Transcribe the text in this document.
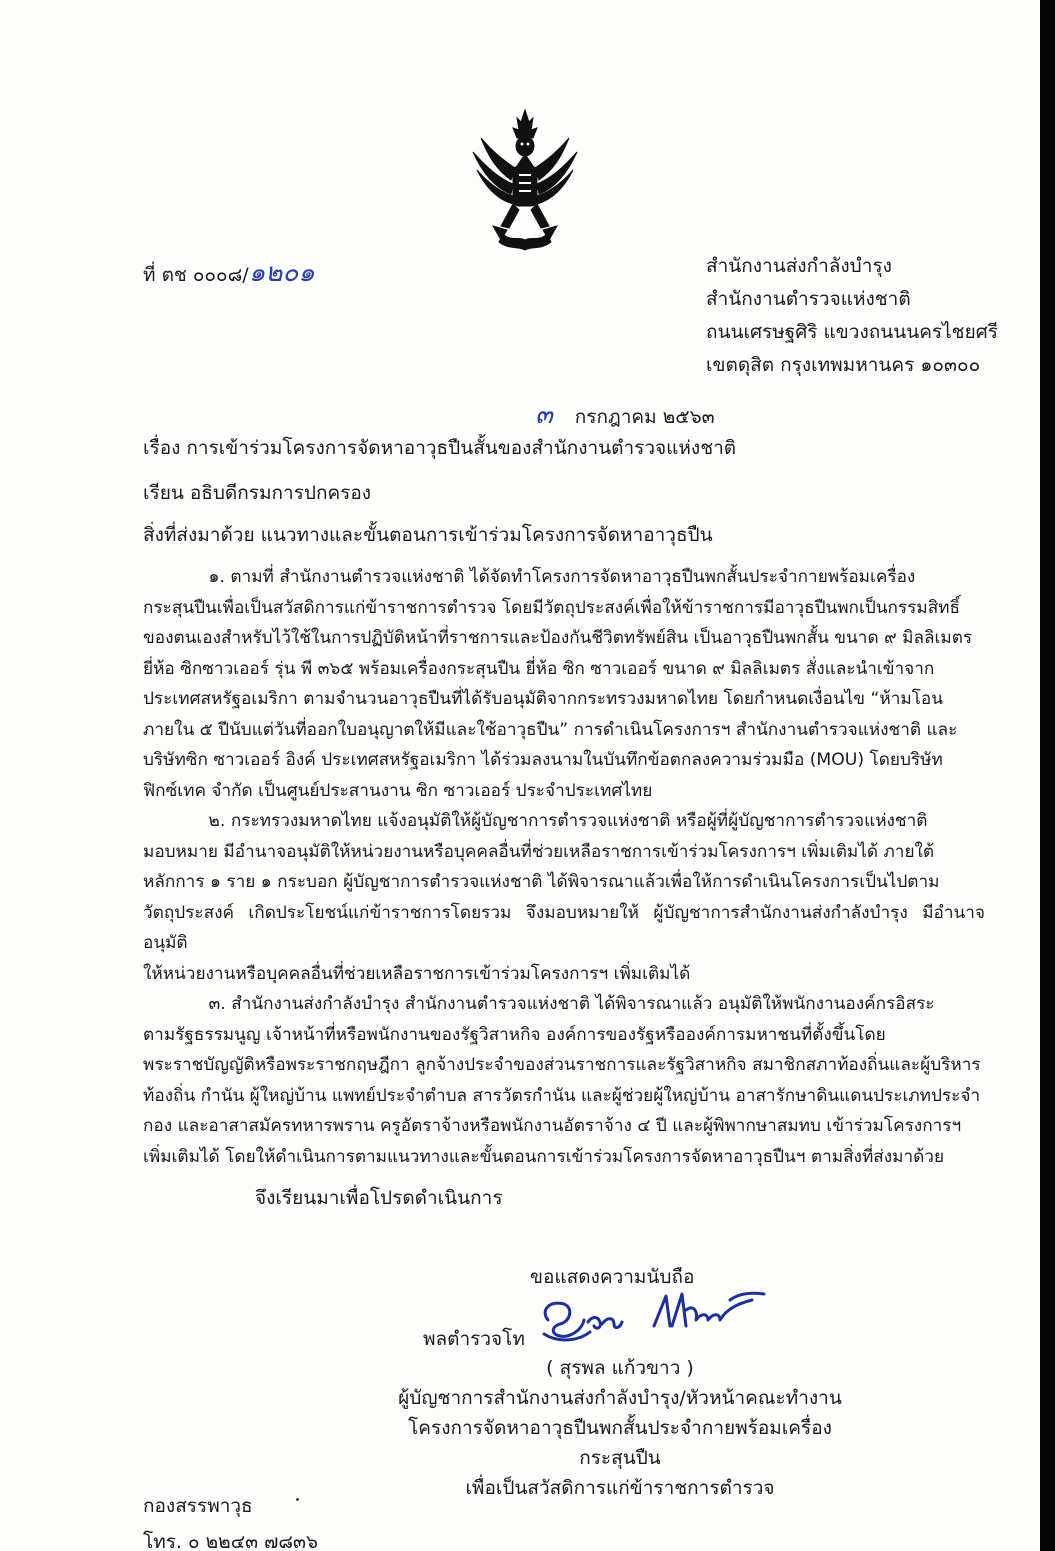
ที่ ตช ๐๐๐๘/๑๒๐๑	สำนักงานส่งกำลังบำรุง
สำนักงานตำรวจแห่งชาติ
ถนนเศรษฐศิริ แขวงถนนนครไชยศรี
เขตดุสิต กรุงเทพมหานคร ๑๐๓๐๐
๓ กรกฎาคม ๒๕๖๓
เรื่อง การเข้าร่วมโครงการจัดหาอาวุธปืนสั้นของสำนักงานตำรวจแห่งชาติ
เรียน อธิบดีกรมการปกครอง
สิ่งที่ส่งมาด้วย แนวทางและขั้นตอนการเข้าร่วมโครงการจัดหาอาวุธปืน

๑. ตามที่ สำนักงานตำรวจแห่งชาติ ได้จัดทำโครงการจัดหาอาวุธปืนพกสั้นประจำกายพร้อมเครื่อง
กระสุนปืนเพื่อเป็นสวัสดิการแก่ข้าราชการตำรวจ โดยมีวัตถุประสงค์เพื่อให้ข้าราชการมีอาวุธปืนพกเป็นกรรมสิทธิ์
ของตนเองสำหรับไว้ใช้ในการปฏิบัติหน้าที่ราชการและป้องกันชีวิตทรัพย์สิน เป็นอาวุธปืนพกสั้น ขนาด ๙ มิลลิเมตร
ยี่ห้อ ซิกซาวเออร์ รุ่น พี ๓๖๕ พร้อมเครื่องกระสุนปืน ยี่ห้อ ซิก ซาวเออร์ ขนาด ๙ มิลลิเมตร สั่งและนำเข้าจาก
ประเทศสหรัฐอเมริกา ตามจำนวนอาวุธปืนที่ได้รับอนุมัติจากกระทรวงมหาดไทย โดยกำหนดเงื่อนไข “ห้ามโอน
ภายใน ๕ ปีนับแต่วันที่ออกใบอนุญาตให้มีและใช้อาวุธปืน” การดำเนินโครงการฯ สำนักงานตำรวจแห่งชาติ และ
บริษัทซิก ซาวเออร์ อิงค์ ประเทศสหรัฐอเมริกา ได้ร่วมลงนามในบันทึกข้อตกลงความร่วมมือ (MOU) โดยบริษัท
ฟิกซ์เทค จำกัด เป็นศูนย์ประสานงาน ซิก ซาวเออร์ ประจำประเทศไทย

๒. กระทรวงมหาดไทย แจ้งอนุมัติให้ผู้บัญชาการตำรวจแห่งชาติ หรือผู้ที่ผู้บัญชาการตำรวจแห่งชาติ
มอบหมาย มีอำนาจอนุมัติให้หน่วยงานหรือบุคคลอื่นที่ช่วยเหลือราชการเข้าร่วมโครงการฯ เพิ่มเติมได้ ภายใต้
หลักการ ๑ ราย ๑ กระบอก ผู้บัญชาการตำรวจแห่งชาติ ได้พิจารณาแล้วเพื่อให้การดำเนินโครงการเป็นไปตาม
วัตถุประสงค์ เกิดประโยชน์แก่ข้าราชการโดยรวม จึงมอบหมายให้ ผู้บัญชาการสำนักงานส่งกำลังบำรุง มีอำนาจอนุมัติ
ให้หน่วยงานหรือบุคคลอื่นที่ช่วยเหลือราชการเข้าร่วมโครงการฯ เพิ่มเติมได้

๓. สำนักงานส่งกำลังบำรุง สำนักงานตำรวจแห่งชาติ ได้พิจารณาแล้ว อนุมัติให้พนักงานองค์กรอิสระ
ตามรัฐธรรมนูญ เจ้าหน้าที่หรือพนักงานของรัฐวิสาหกิจ องค์การของรัฐหรือองค์การมหาชนที่ตั้งขึ้นโดย
พระราชบัญญัติหรือพระราชกฤษฎีกา ลูกจ้างประจำของส่วนราชการและรัฐวิสาหกิจ สมาชิกสภาท้องถิ่นและผู้บริหาร
ท้องถิ่น กำนัน ผู้ใหญ่บ้าน แพทย์ประจำตำบล สารวัตรกำนัน และผู้ช่วยผู้ใหญ่บ้าน อาสารักษาดินแดนประเภทประจำ
กอง และอาสาสมัครทหารพราน ครูอัตราจ้างหรือพนักงานอัตราจ้าง ๔ ปี และผู้พิพากษาสมทบ เข้าร่วมโครงการฯ
เพิ่มเติมได้ โดยให้ดำเนินการตามแนวทางและขั้นตอนการเข้าร่วมโครงการจัดหาอาวุธปืนฯ ตามสิ่งที่ส่งมาด้วย

จึงเรียนมาเพื่อโปรดดำเนินการ
ขอแสดงความนับถือ
พลตำรวจโท
( สุรพล แก้วขาว )
ผู้บัญชาการสำนักงานส่งกำลังบำรุง/หัวหน้าคณะทำงาน
โครงการจัดหาอาวุธปืนพกสั้นประจำกายพร้อมเครื่องกระสุนปืน
เพื่อเป็นสวัสดิการแก่ข้าราชการตำรวจ
กองสรรพาวุธ
โทร. ๐ ๒๒๔๓ ๗๘๓๖
